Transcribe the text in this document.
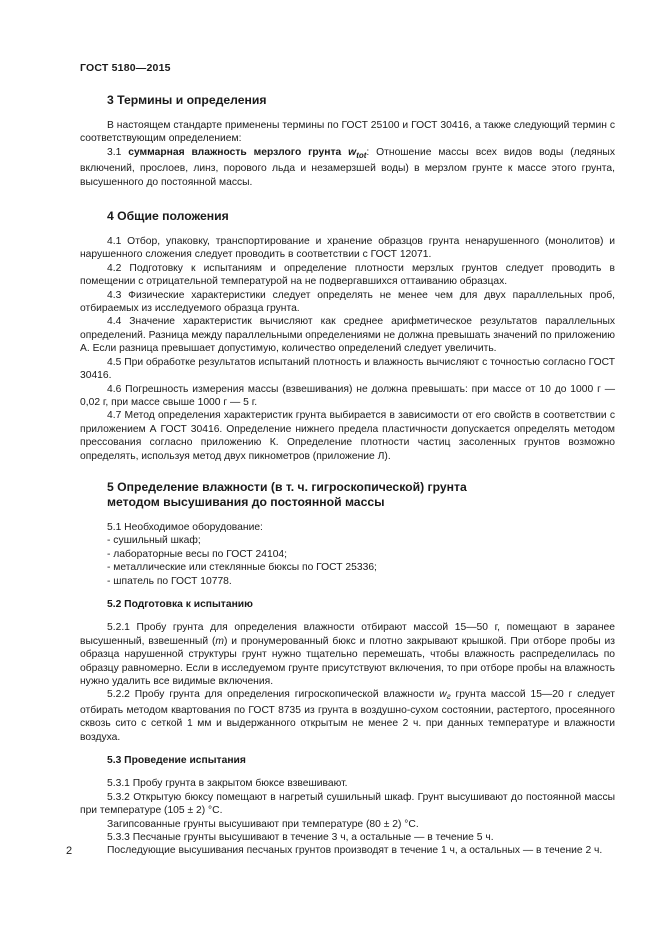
ГОСТ 5180—2015
3 Термины и определения

В настоящем стандарте применены термины по ГОСТ 25100 и ГОСТ 30416, а также следующий термин с соответствующим определением:

3.1 суммарная влажность мерзлого грунта $w_{tot}$: Отношение массы всех видов воды (ледяных включений, прослоев, линз, порового льда и незамерзшей воды) в мерзлом грунте к массе этого грунта, высушенного до постоянной массы.

4 Общие положения

4.1 Отбор, упаковку, транспортирование и хранение образцов грунта ненарушенного (монолитов) и нарушенного сложения следует проводить в соответствии с ГОСТ 12071.

4.2 Подготовку к испытаниям и определение плотности мерзлых грунтов следует проводить в помещении с отрицательной температурой на не подвергавшихся оттаиванию образцах.

4.3 Физические характеристики следует определять не менее чем для двух параллельных проб, отбираемых из исследуемого образца грунта.

4.4 Значение характеристик вычисляют как среднее арифметическое результатов параллельных определений. Разница между параллельными определениями не должна превышать значений по приложению А. Если разница превышает допустимую, количество определений следует увеличить.

4.5 При обработке результатов испытаний плотность и влажность вычисляют с точностью согласно ГОСТ 30416.

4.6 Погрешность измерения массы (взвешивания) не должна превышать: при массе от 10 до 1000 г — 0,02 г, при массе свыше 1000 г — 5 г.

4.7 Метод определения характеристик грунта выбирается в зависимости от его свойств в соответствии с приложением А ГОСТ 30416. Определение нижнего предела пластичности допускается определять методом прессования согласно приложению К. Определение плотности частиц засоленных грунтов возможно определять, используя метод двух пикнометров (приложение Л).

5 Определение влажности (в т. ч. гигроскопической) грунта
методом высушивания до постоянной массы

5.1 Необходимое оборудование:

- сушильный шкаф;

- лабораторные весы по ГОСТ 24104;

- металлические или стеклянные бюксы по ГОСТ 25336;

- шпатель по ГОСТ 10778.

5.2 Подготовка к испытанию

5.2.1 Пробу грунта для определения влажности отбирают массой 15—50 г, помещают в заранее высушенный, взвешенный (m) и пронумерованный бюкс и плотно закрывают крышкой. При отборе пробы из образца нарушенной структуры грунт нужно тщательно перемешать, чтобы влажность распределилась по образцу равномерно. Если в исследуемом грунте присутствуют включения, то при отборе пробы на влажность нужно удалить все видимые включения.

5.2.2 Пробу грунта для определения гигроскопической влажности wг грунта массой 15—20 г следует отбирать методом квартования по ГОСТ 8735 из грунта в воздушно-сухом состоянии, растертого, просеянного сквозь сито с сеткой 1 мм и выдержанного открытым не менее 2 ч. при данных температуре и влажности воздуха.

5.3 Проведение испытания

5.3.1 Пробу грунта в закрытом бюксе взвешивают.

5.3.2 Открытую бюксу помещают в нагретый сушильный шкаф. Грунт высушивают до постоянной массы при температуре (105 ± 2) °С.

Загипсованные грунты высушивают при температуре (80 ± 2) °С.

5.3.3 Песчаные грунты высушивают в течение 3 ч, а остальные — в течение 5 ч.

Последующие высушивания песчаных грунтов производят в течение 1 ч, а остальных — в течение 2 ч.

2
